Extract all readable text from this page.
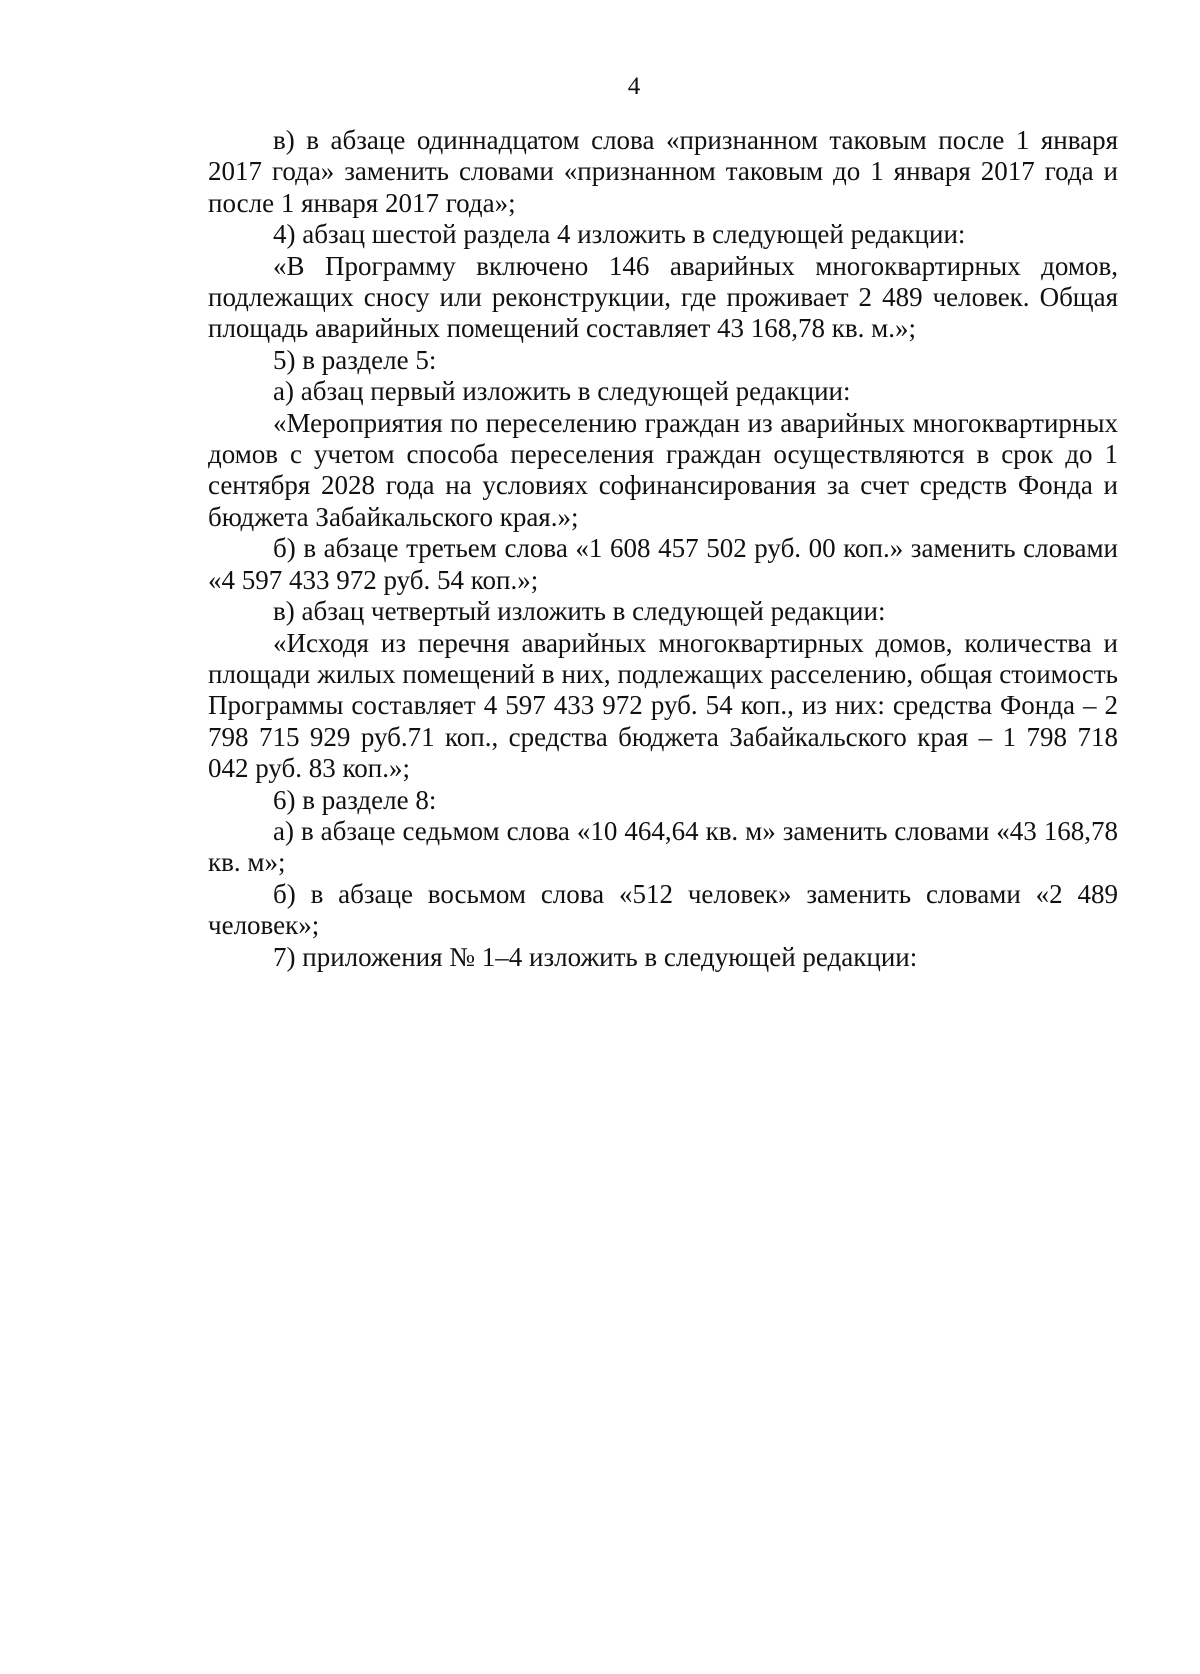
4

в) в абзаце одиннадцатом слова «признанном таковым после 1 января 2017 года» заменить словами «признанном таковым до 1 января 2017 года и после 1 января 2017 года»;

4) абзац шестой раздела 4 изложить в следующей редакции:

«В Программу включено 146 аварийных многоквартирных домов, подлежащих сносу или реконструкции, где проживает 2 489 человек. Общая площадь аварийных помещений составляет 43 168,78 кв. м.»;

5) в разделе 5:

а) абзац первый изложить в следующей редакции:

«Мероприятия по переселению граждан из аварийных многоквартирных домов с учетом способа переселения граждан осуществляются в срок до 1 сентября 2028 года на условиях софинансирования за счет средств Фонда и бюджета Забайкальского края.»;

б) в абзаце третьем слова «1 608 457 502 руб. 00 коп.» заменить словами «4 597 433 972 руб. 54 коп.»;

в) абзац четвертый изложить в следующей редакции:

«Исходя из перечня аварийных многоквартирных домов, количества и площади жилых помещений в них, подлежащих расселению, общая стоимость Программы составляет 4 597 433 972 руб. 54 коп., из них: средства Фонда – 2 798 715 929 руб.71 коп., средства бюджета Забайкальского края – 1 798 718 042 руб. 83 коп.»;

6) в разделе 8:

а) в абзаце седьмом слова «10 464,64 кв. м» заменить словами «43 168,78 кв. м»;

б) в абзаце восьмом слова «512 человек» заменить словами «2 489 человек»;

7) приложения № 1–4 изложить в следующей редакции:
